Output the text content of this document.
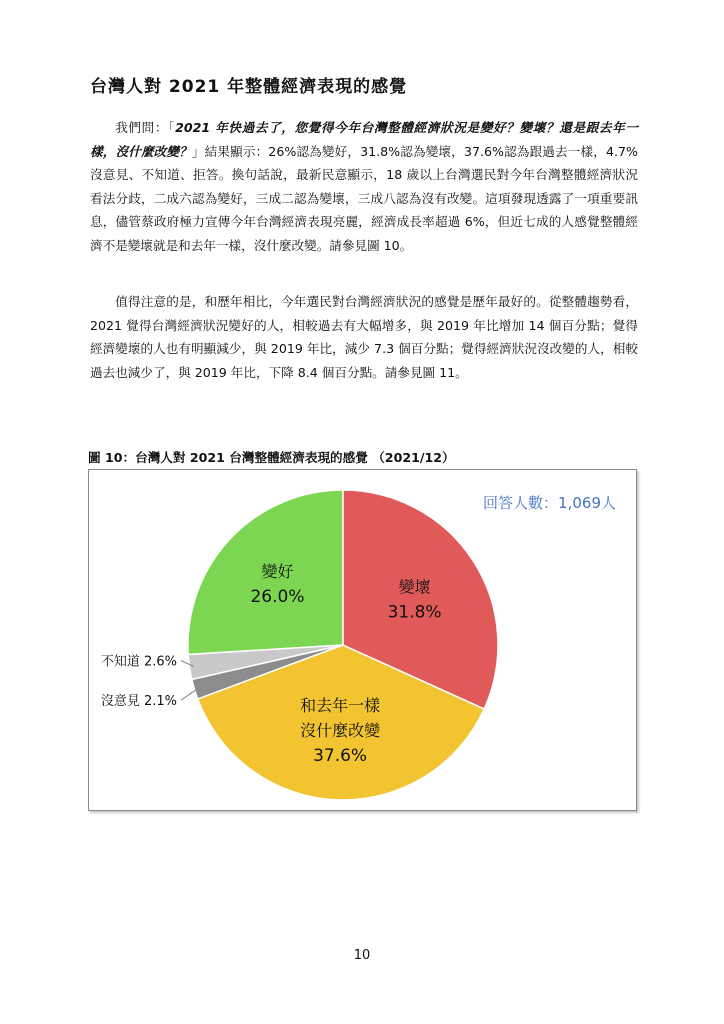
台灣人對 2021 年整體經濟表現的感覺

我們問：「2021 年快過去了，您覺得今年台灣整體經濟狀況是變好？變壞？還是跟去年一樣，沒什麼改變？」結果顯示：26%認為變好，31.8%認為變壞，37.6%認為跟過去一樣，4.7%沒意見、不知道、拒答。換句話說，最新民意顯示，18 歲以上台灣選民對今年台灣整體經濟狀況看法分歧，二成六認為變好，三成二認為變壞，三成八認為沒有改變。這項發現透露了一項重要訊息，儘管蔡政府極力宣傳今年台灣經濟表現亮麗，經濟成長率超過 6%，但近七成的人感覺整體經濟不是變壞就是和去年一樣，沒什麼改變。請參見圖 10。

值得注意的是，和歷年相比，今年選民對台灣經濟狀況的感覺是歷年最好的。從整體趨勢看，2021 覺得台灣經濟狀況變好的人，相較過去有大幅增多，與 2019 年比增加 14 個百分點；覺得經濟變壞的人也有明顯減少，與 2019 年比，減少 7.3 個百分點；覺得經濟狀況沒改變的人，相較過去也減少了，與 2019 年比，下降 8.4 個百分點。請參見圖 11。

圖 10：台灣人對 2021 台灣整體經濟表現的感覺 （2021/12）

回答人數：1,069人
變壞
31.8%
和去年一樣
沒什麼改變
37.6%
沒意見 2.1%
不知道 2.6%
變好
26.0%

10
